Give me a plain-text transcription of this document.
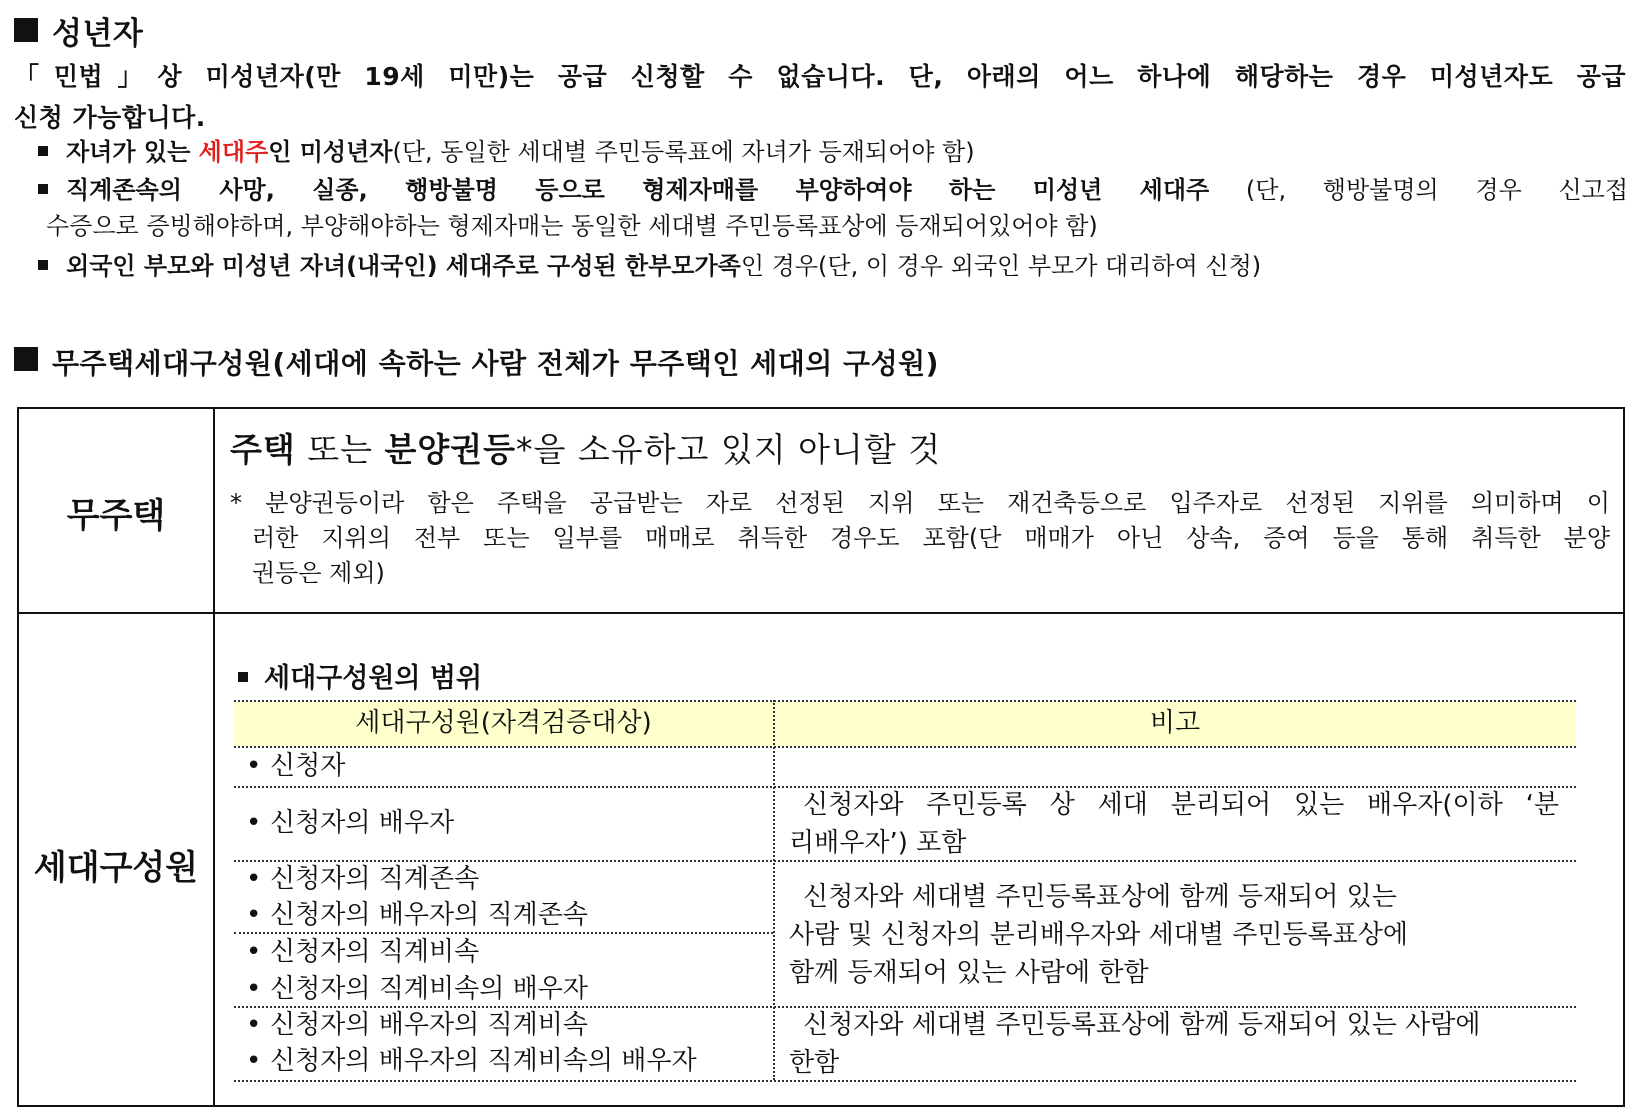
성년자
「민법」상 미성년자(만 19세 미만)는 공급 신청할 수 없습니다. 단, 아래의 어느 하나에 해당하는 경우 미성년자도 공급
신청 가능합니다.
자녀가 있는 세대주인 미성년자(단, 동일한 세대별 주민등록표에 자녀가 등재되어야 함)
직계존속의 사망, 실종, 행방불명 등으로 형제자매를 부양하여야 하는 미성년 세대주 (단, 행방불명의 경우 신고접
수증으로 증빙해야하며, 부양해야하는 형제자매는 동일한 세대별 주민등록표상에 등재되어있어야 함)
외국인 부모와 미성년 자녀(내국인) 세대주로 구성된 한부모가족인 경우(단, 이 경우 외국인 부모가 대리하여 신청)
무주택세대구성원(세대에 속하는 사람 전체가 무주택인 세대의 구성원)
무주택
세대구성원
주택 또는 분양권등*을 소유하고 있지 아니할 것
* 분양권등이라 함은 주택을 공급받는 자로 선정된 지위 또는 재건축등으로 입주자로 선정된 지위를 의미하며 이
러한 지위의 전부 또는 일부를 매매로 취득한 경우도 포함(단 매매가 아닌 상속, 증여 등을 통해 취득한 분양
권등은 제외)
세대구성원의 범위
세대구성원(자격검증대상)	비고
• 신청자
• 신청자의 배우자
신청자와 주민등록 상 세대 분리되어 있는 배우자(이하 ‘분
리배우자’) 포함
• 신청자의 직계존속
• 신청자의 배우자의 직계존속
• 신청자의 직계비속
• 신청자의 직계비속의 배우자
신청자와 세대별 주민등록표상에 함께 등재되어 있는
사람 및 신청자의 분리배우자와 세대별 주민등록표상에
함께 등재되어 있는 사람에 한함
• 신청자의 배우자의 직계비속
• 신청자의 배우자의 직계비속의 배우자
신청자와 세대별 주민등록표상에 함께 등재되어 있는 사람에
한함
